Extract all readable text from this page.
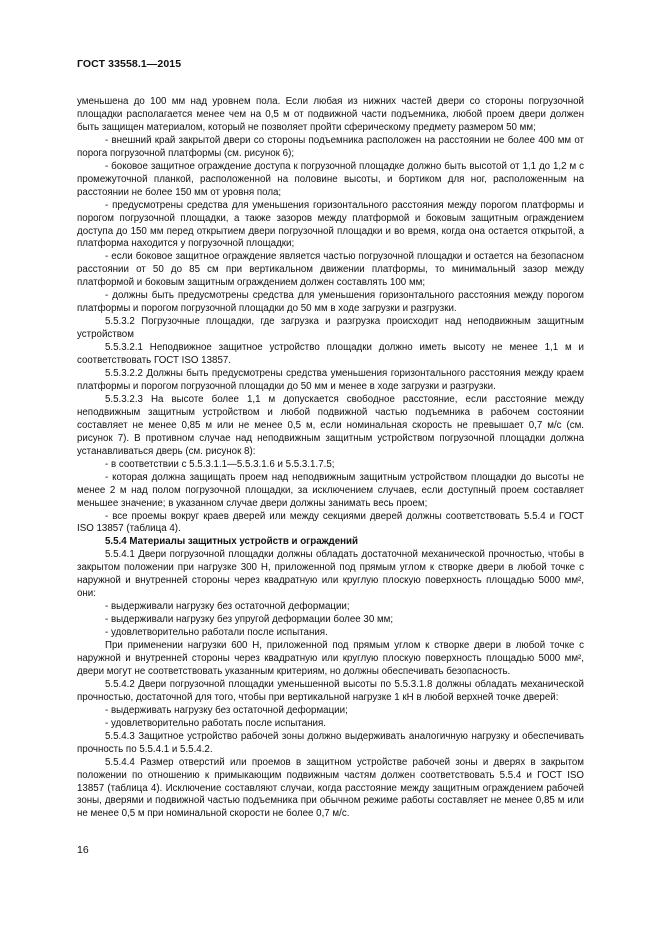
ГОСТ 33558.1—2015

уменьшена до 100 мм над уровнем пола. Если любая из нижних частей двери со стороны погрузочной площадки располагается менее чем на 0,5 м от подвижной части подъемника, любой проем двери должен быть защищен материалом, который не позволяет пройти сферическому предмету размером 50 мм;

- внешний край закрытой двери со стороны подъемника расположен на расстоянии не более 400 мм от порога погрузочной платформы (см. рисунок 6);

- боковое защитное ограждение доступа к погрузочной площадке должно быть высотой от 1,1 до 1,2 м с промежуточной планкой, расположенной на половине высоты, и бортиком для ног, расположенным на расстоянии не более 150 мм от уровня пола;

- предусмотрены средства для уменьшения горизонтального расстояния между порогом платформы и порогом погрузочной площадки, а также зазоров между платформой и боковым защитным ограждением доступа до 150 мм перед открытием двери погрузочной площадки и во время, когда она остается открытой, а платформа находится у погрузочной площадки;

- если боковое защитное ограждение является частью погрузочной площадки и остается на безопасном расстоянии от 50 до 85 см при вертикальном движении платформы, то минимальный зазор между платформой и боковым защитным ограждением должен составлять 100 мм;

- должны быть предусмотрены средства для уменьшения горизонтального расстояния между порогом платформы и порогом погрузочной площадки до 50 мм в ходе загрузки и разгрузки.

5.5.3.2 Погрузочные площадки, где загрузка и разгрузка происходит над неподвижным защитным устройством

5.5.3.2.1 Неподвижное защитное устройство площадки должно иметь высоту не менее 1,1 м и соответствовать ГОСТ ISO 13857.

5.5.3.2.2 Должны быть предусмотрены средства уменьшения горизонтального расстояния между краем платформы и порогом погрузочной площадки до 50 мм и менее в ходе загрузки и разгрузки.

5.5.3.2.3 На высоте более 1,1 м допускается свободное расстояние, если расстояние между неподвижным защитным устройством и любой подвижной частью подъемника в рабочем состоянии составляет не менее 0,85 м или не менее 0,5 м, если номинальная скорость не превышает 0,7 м/с (см. рисунок 7). В противном случае над неподвижным защитным устройством погрузочной площадки должна устанавливаться дверь (см. рисунок 8):

- в соответствии с 5.5.3.1.1—5.5.3.1.6 и 5.5.3.1.7.5;

- которая должна защищать проем над неподвижным защитным устройством площадки до высоты не менее 2 м над полом погрузочной площадки, за исключением случаев, если доступный проем составляет меньшее значение; в указанном случае двери должны занимать весь проем;

- все проемы вокруг краев дверей или между секциями дверей должны соответствовать 5.5.4 и ГОСТ ISO 13857 (таблица 4).

5.5.4 Материалы защитных устройств и ограждений

5.5.4.1 Двери погрузочной площадки должны обладать достаточной механической прочностью, чтобы в закрытом положении при нагрузке 300 Н, приложенной под прямым углом к створке двери в любой точке с наружной и внутренней стороны через квадратную или круглую плоскую поверхность площадью 5000 мм², они:

- выдерживали нагрузку без остаточной деформации;

- выдерживали нагрузку без упругой деформации более 30 мм;

- удовлетворительно работали после испытания.

При применении нагрузки 600 Н, приложенной под прямым углом к створке двери в любой точке с наружной и внутренней стороны через квадратную или круглую плоскую поверхность площадью 5000 мм², двери могут не соответствовать указанным критериям, но должны обеспечивать безопасность.

5.5.4.2 Двери погрузочной площадки уменьшенной высоты по 5.5.3.1.8 должны обладать механической прочностью, достаточной для того, чтобы при вертикальной нагрузке 1 кН в любой верхней точке дверей:

- выдерживать нагрузку без остаточной деформации;

- удовлетворительно работать после испытания.

5.5.4.3 Защитное устройство рабочей зоны должно выдерживать аналогичную нагрузку и обеспечивать прочность по 5.5.4.1 и 5.5.4.2.

5.5.4.4 Размер отверстий или проемов в защитном устройстве рабочей зоны и дверях в закрытом положении по отношению к примыкающим подвижным частям должен соответствовать 5.5.4 и ГОСТ ISO 13857 (таблица 4). Исключение составляют случаи, когда расстояние между защитным ограждением рабочей зоны, дверями и подвижной частью подъемника при обычном режиме работы составляет не менее 0,85 м или не менее 0,5 м при номинальной скорости не более 0,7 м/с.

16
